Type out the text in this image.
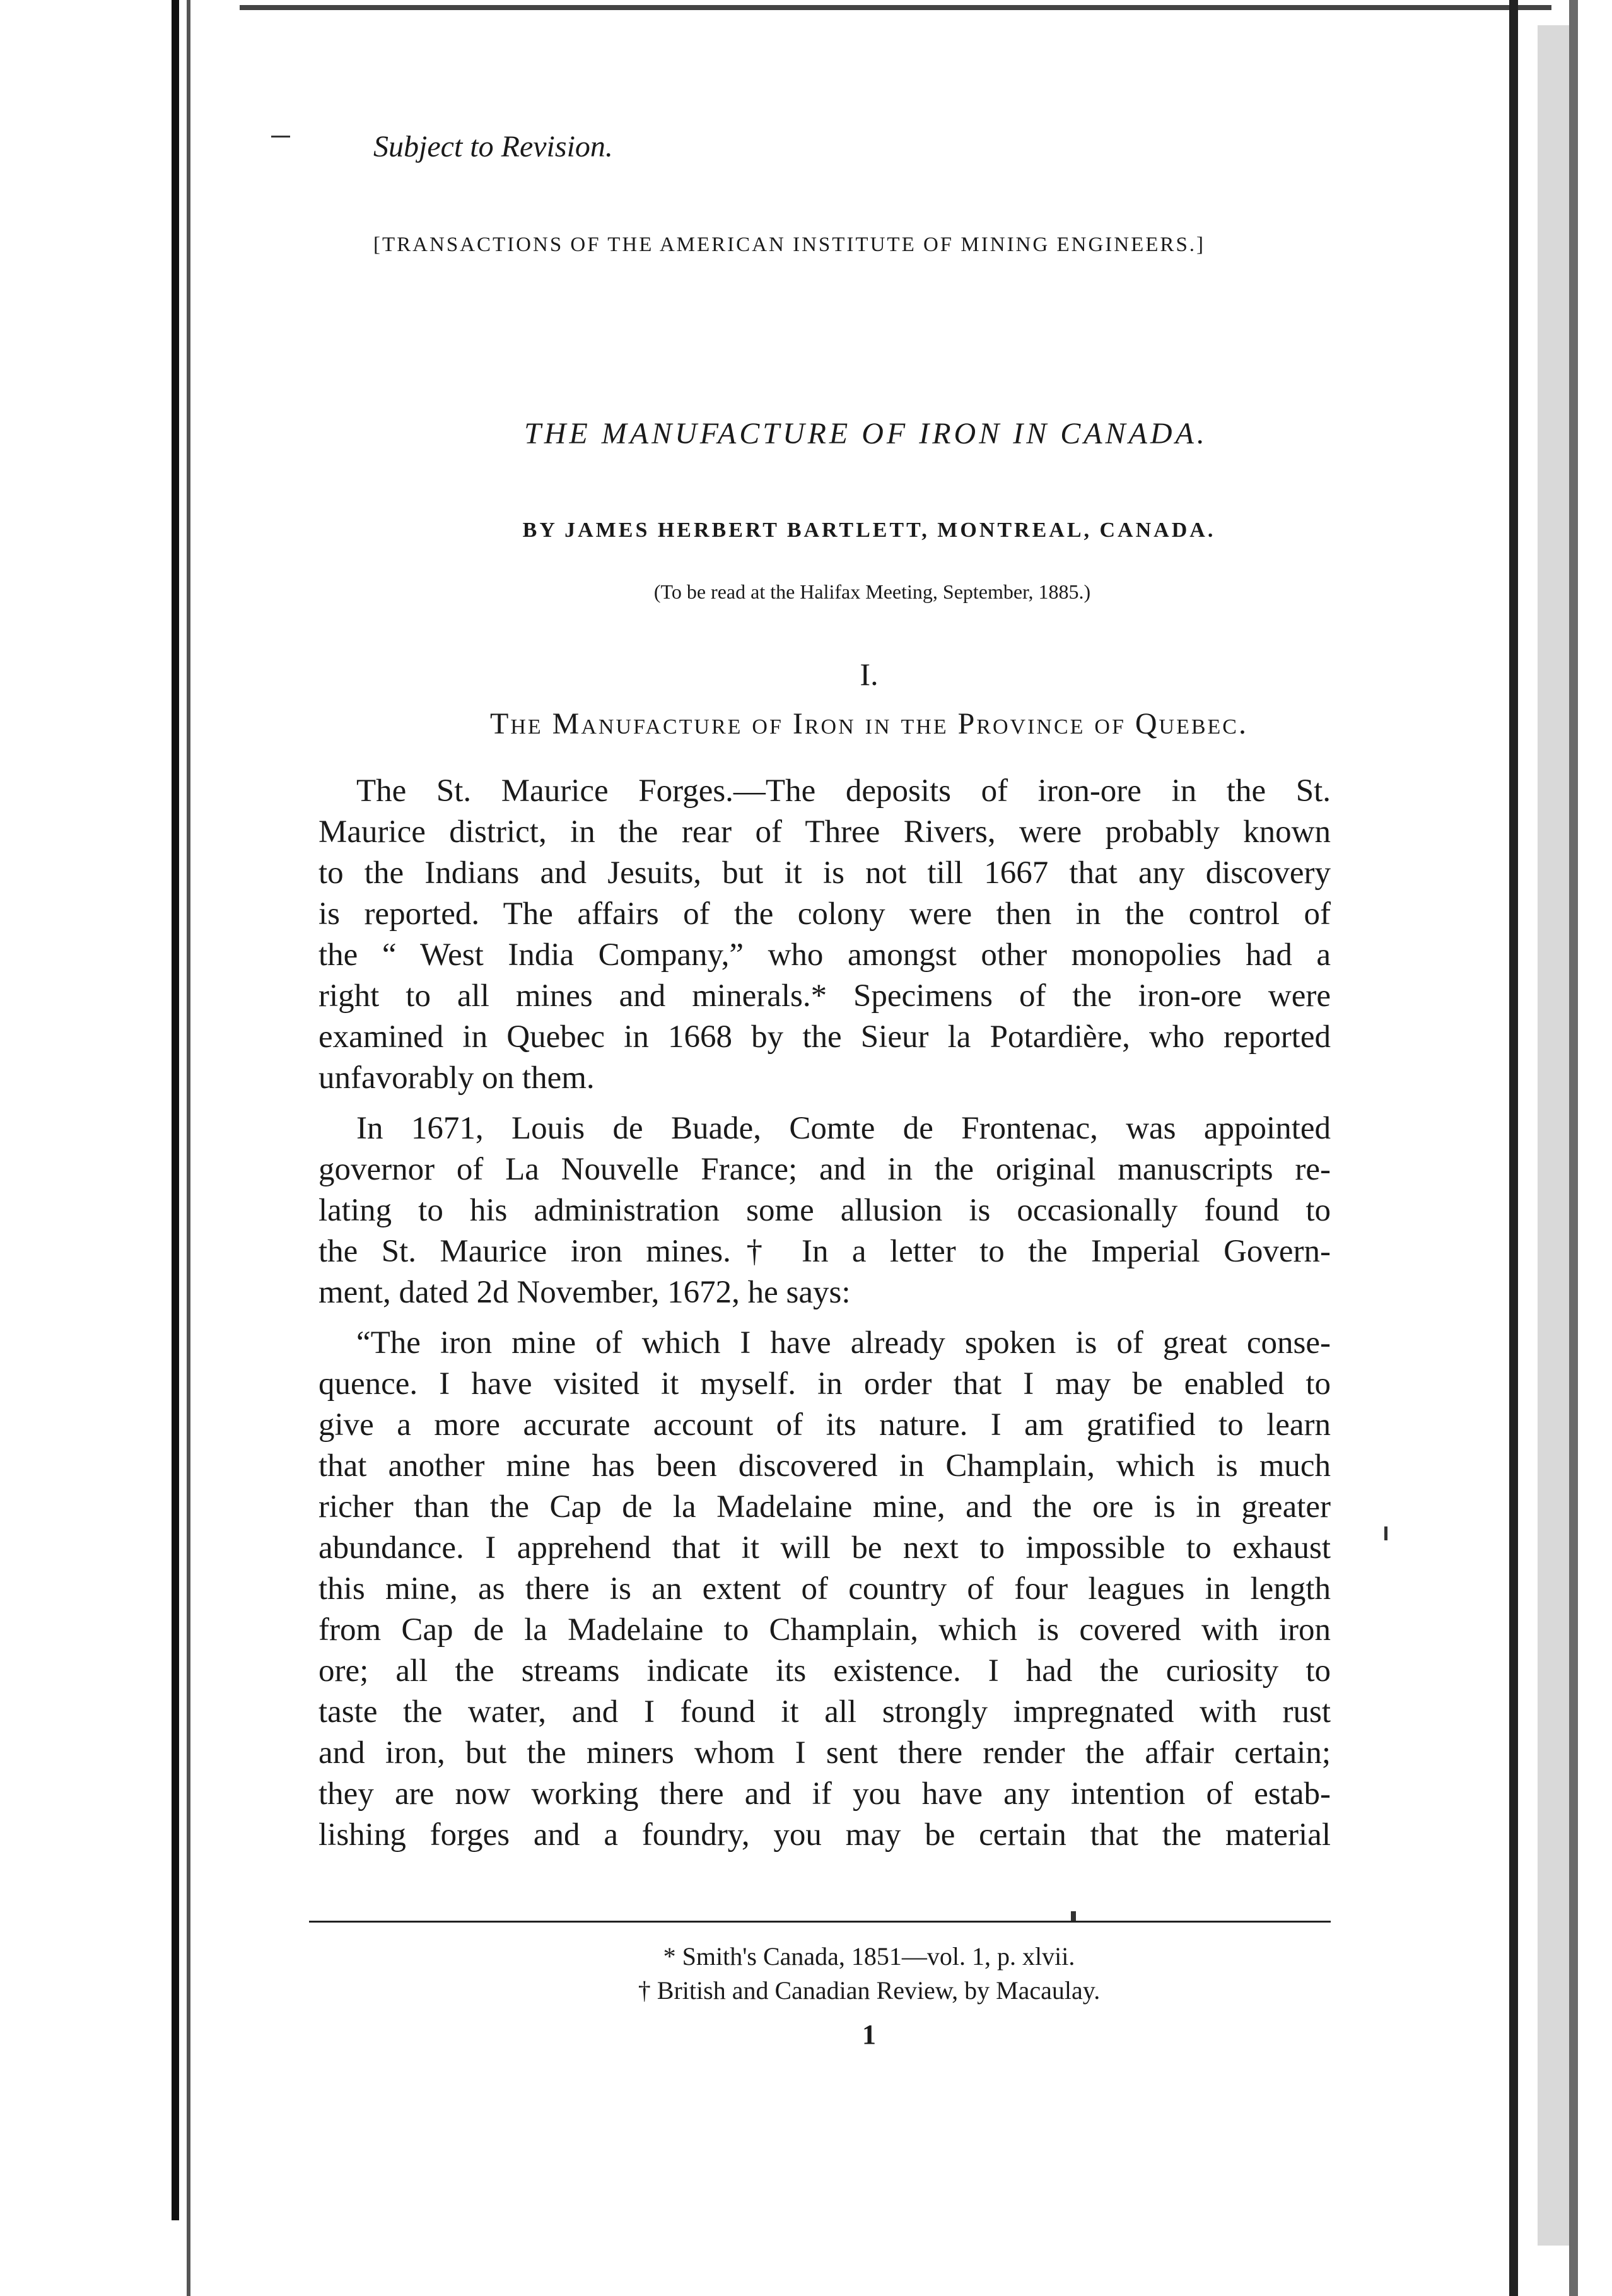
Subject to Revision.
[TRANSACTIONS OF THE AMERICAN INSTITUTE OF MINING ENGINEERS.]
THE MANUFACTURE OF IRON IN CANADA.
BY JAMES HERBERT BARTLETT, MONTREAL, CANADA.
(To be read at the Halifax Meeting, September, 1885.)
I.
The Manufacture of Iron in the Province of Quebec.
The St. Maurice Forges.—The deposits of iron-ore in the St.
Maurice district, in the rear of Three Rivers, were probably known
to the Indians and Jesuits, but it is not till 1667 that any discovery
is reported. The affairs of the colony were then in the control of
the “ West India Company,” who amongst other monopolies had a
right to all mines and minerals.* Specimens of the iron-ore were
examined in Quebec in 1668 by the Sieur la Potardière, who reported
unfavorably on them.
In 1671, Louis de Buade, Comte de Frontenac, was appointed
governor of La Nouvelle France; and in the original manuscripts re-
lating to his administration some allusion is occasionally found to
the St. Maurice iron mines.† In a letter to the Imperial Govern-
ment, dated 2d November, 1672, he says:
“The iron mine of which I have already spoken is of great conse-
quence. I have visited it myself. in order that I may be enabled to
give a more accurate account of its nature. I am gratified to learn
that another mine has been discovered in Champlain, which is much
richer than the Cap de la Madelaine mine, and the ore is in greater
abundance. I apprehend that it will be next to impossible to exhaust
this mine, as there is an extent of country of four leagues in length
from Cap de la Madelaine to Champlain, which is covered with iron
ore; all the streams indicate its existence. I had the curiosity to
taste the water, and I found it all strongly impregnated with rust
and iron, but the miners whom I sent there render the affair certain;
they are now working there and if you have any intention of estab-
lishing forges and a foundry, you may be certain that the material
* Smith's Canada, 1851—vol. 1, p. xlvii.
† British and Canadian Review, by Macaulay.
1
